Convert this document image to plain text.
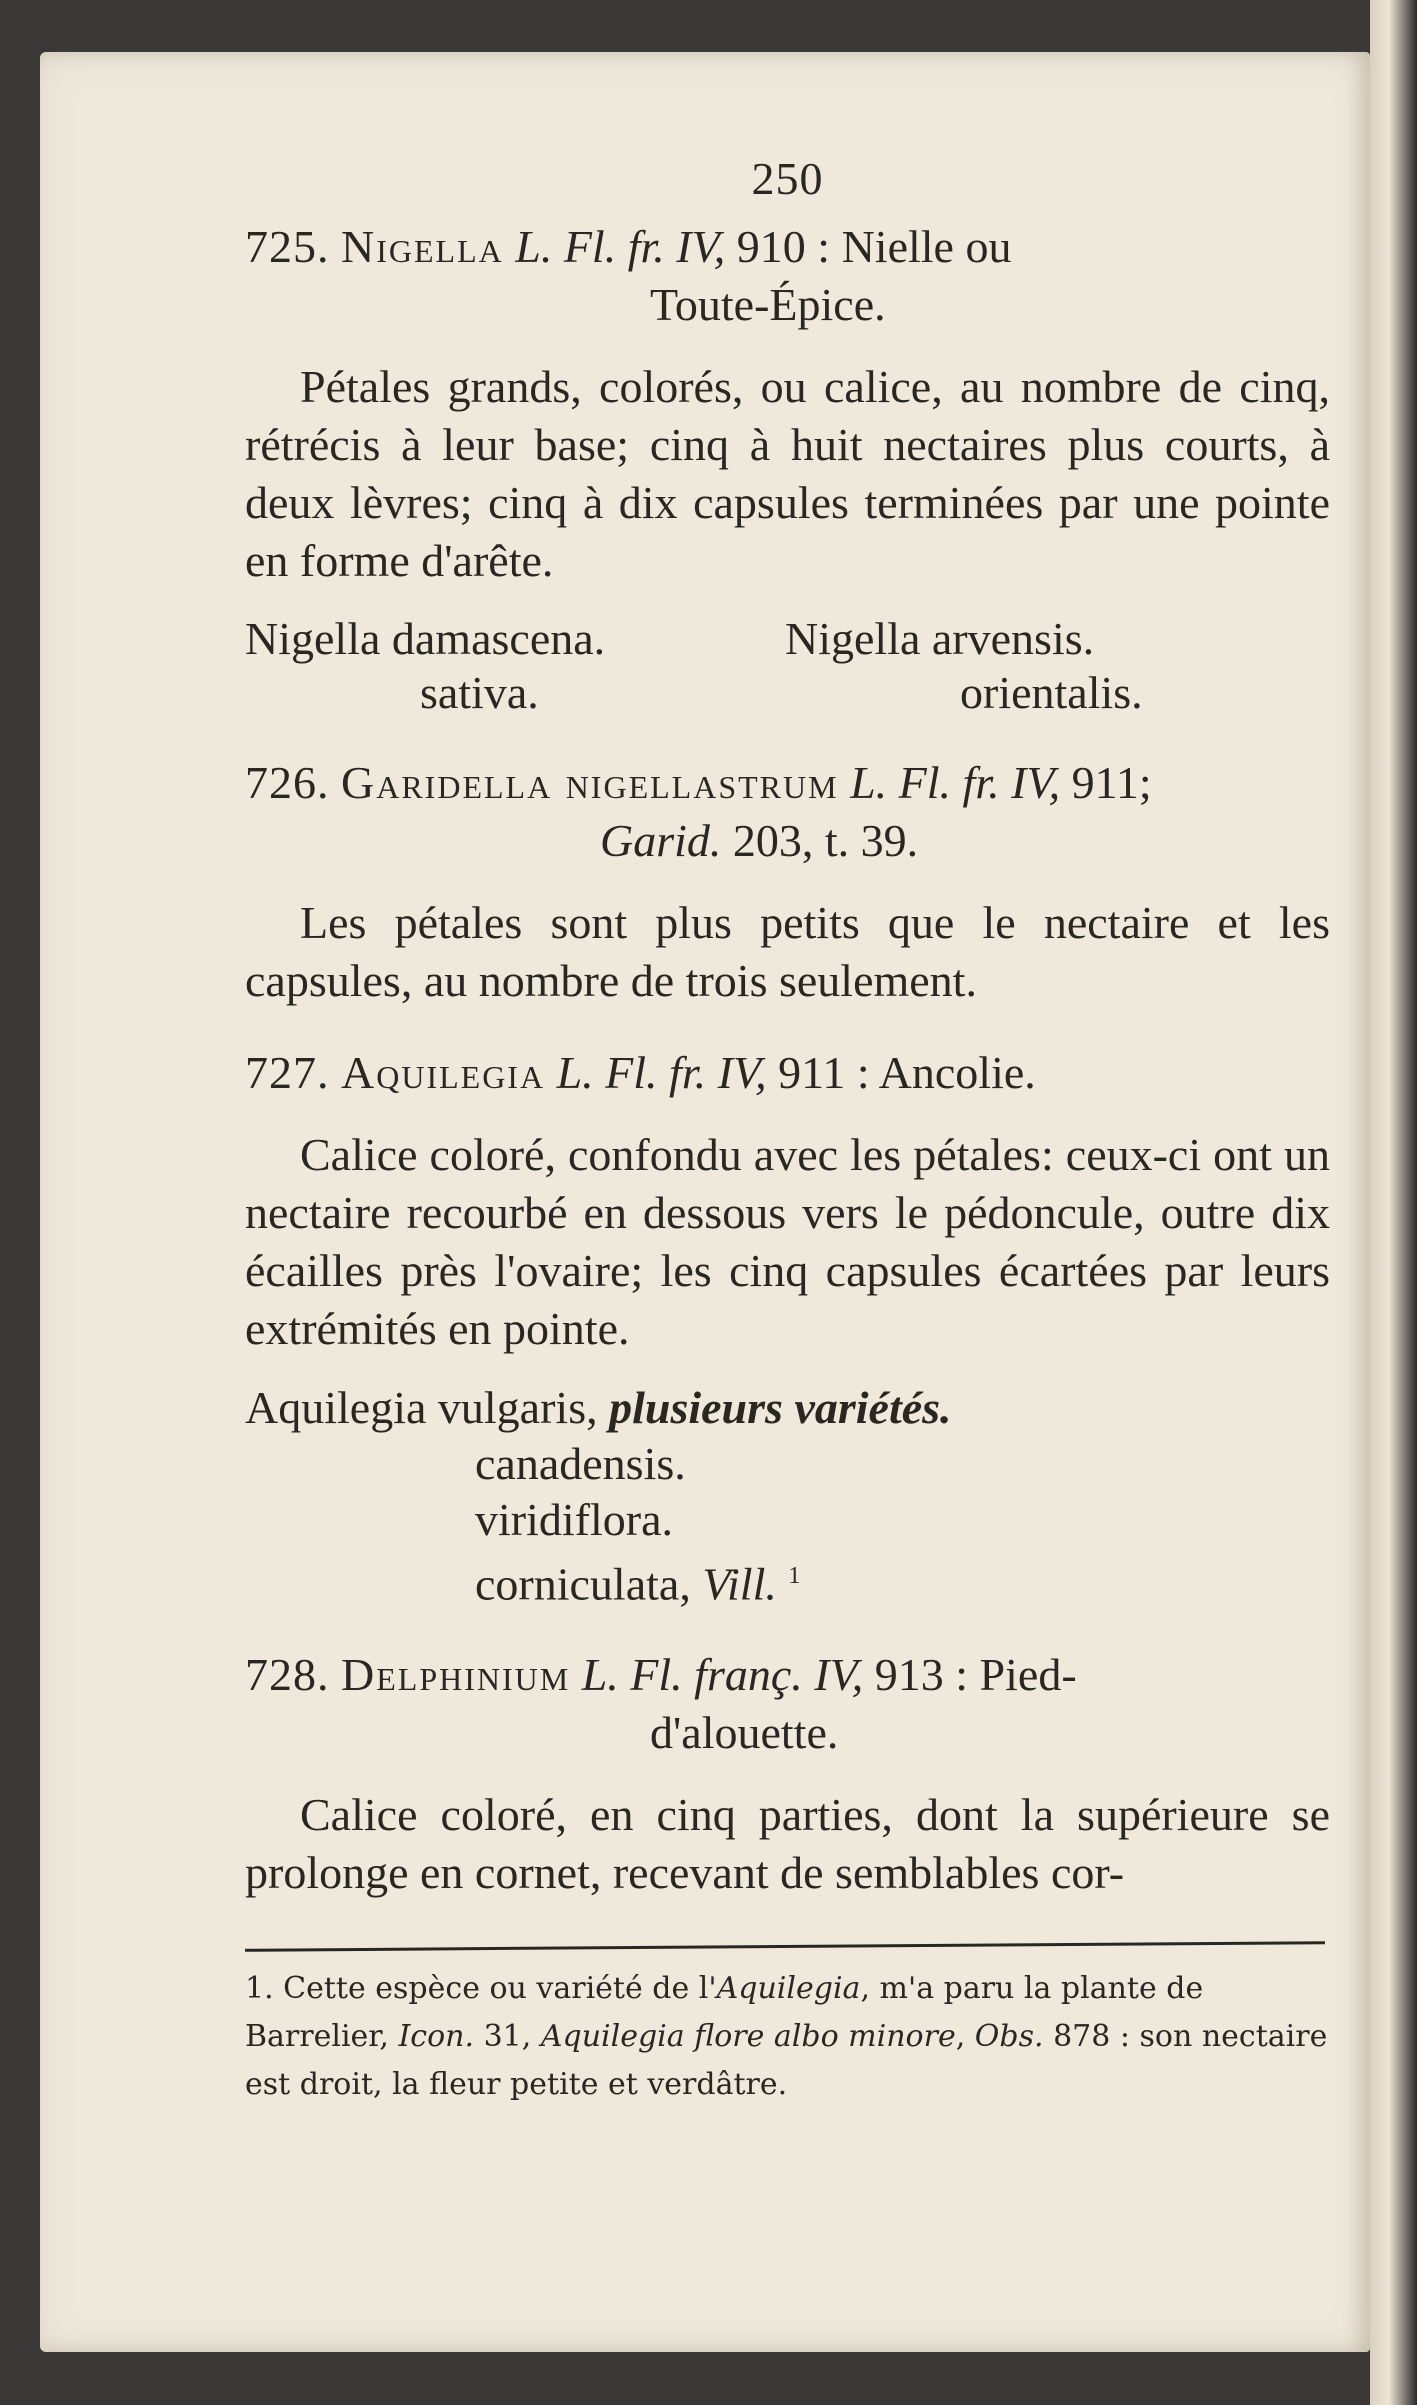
250
725. Nigella L. Fl. fr. IV, 910 : Nielle ou
Toute-Épice.
Pétales grands, colorés, ou calice, au nombre de cinq, rétrécis à leur base; cinq à huit nectaires plus courts, à deux lèvres; cinq à dix capsules terminées par une pointe en forme d'arête.
Nigella damascena.
sativa.
Nigella arvensis.
orientalis.
726. Garidella nigellastrum L. Fl. fr. IV, 911;
Garid. 203, t. 39.
Les pétales sont plus petits que le nectaire et les capsules, au nombre de trois seulement.
727. Aquilegia L. Fl. fr. IV, 911 : Ancolie.
Calice coloré, confondu avec les pétales: ceux-ci ont un nectaire recourbé en dessous vers le pédoncule, outre dix écailles près l'ovaire; les cinq capsules écartées par leurs extrémités en pointe.
Aquilegia vulgaris, plusieurs variétés.
canadensis.
viridiflora.
corniculata, Vill. $^1$
728. Delphinium L. Fl. franç. IV, 913 : Pied-
d'alouette.
Calice coloré, en cinq parties, dont la supérieure se prolonge en cornet, recevant de semblables cor-
1. Cette espèce ou variété de l'Aquilegia, m'a paru la plante de Barrelier, Icon. 31, Aquilegia flore albo minore, Obs. 878 : son nectaire est droit, la fleur petite et verdâtre.
